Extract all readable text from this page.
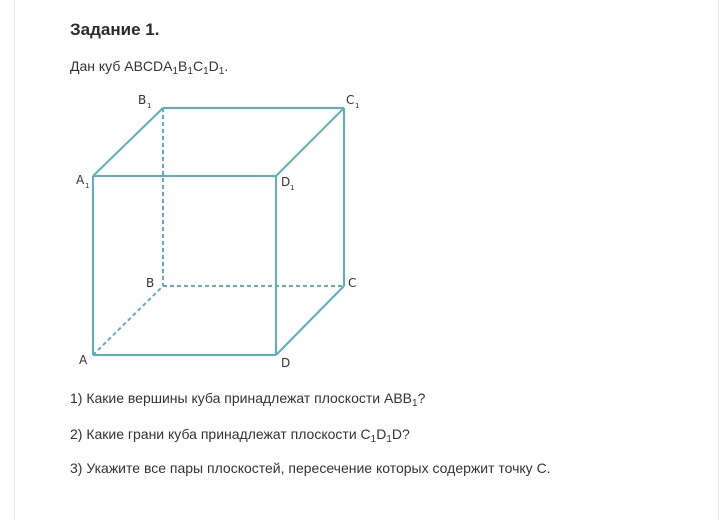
Задание 1.

Дан куб $ABCDA_1B_1C_1D_1$.

B 1	C 1
A 1	D 1
B	C
A	D

1) Какие вершины куба принадлежат плоскости $ABB_1$?

2) Какие грани куба принадлежат плоскости $C_1D_1D$?

3) Укажите все пары плоскостей, пересечение которых содержит точку C.
